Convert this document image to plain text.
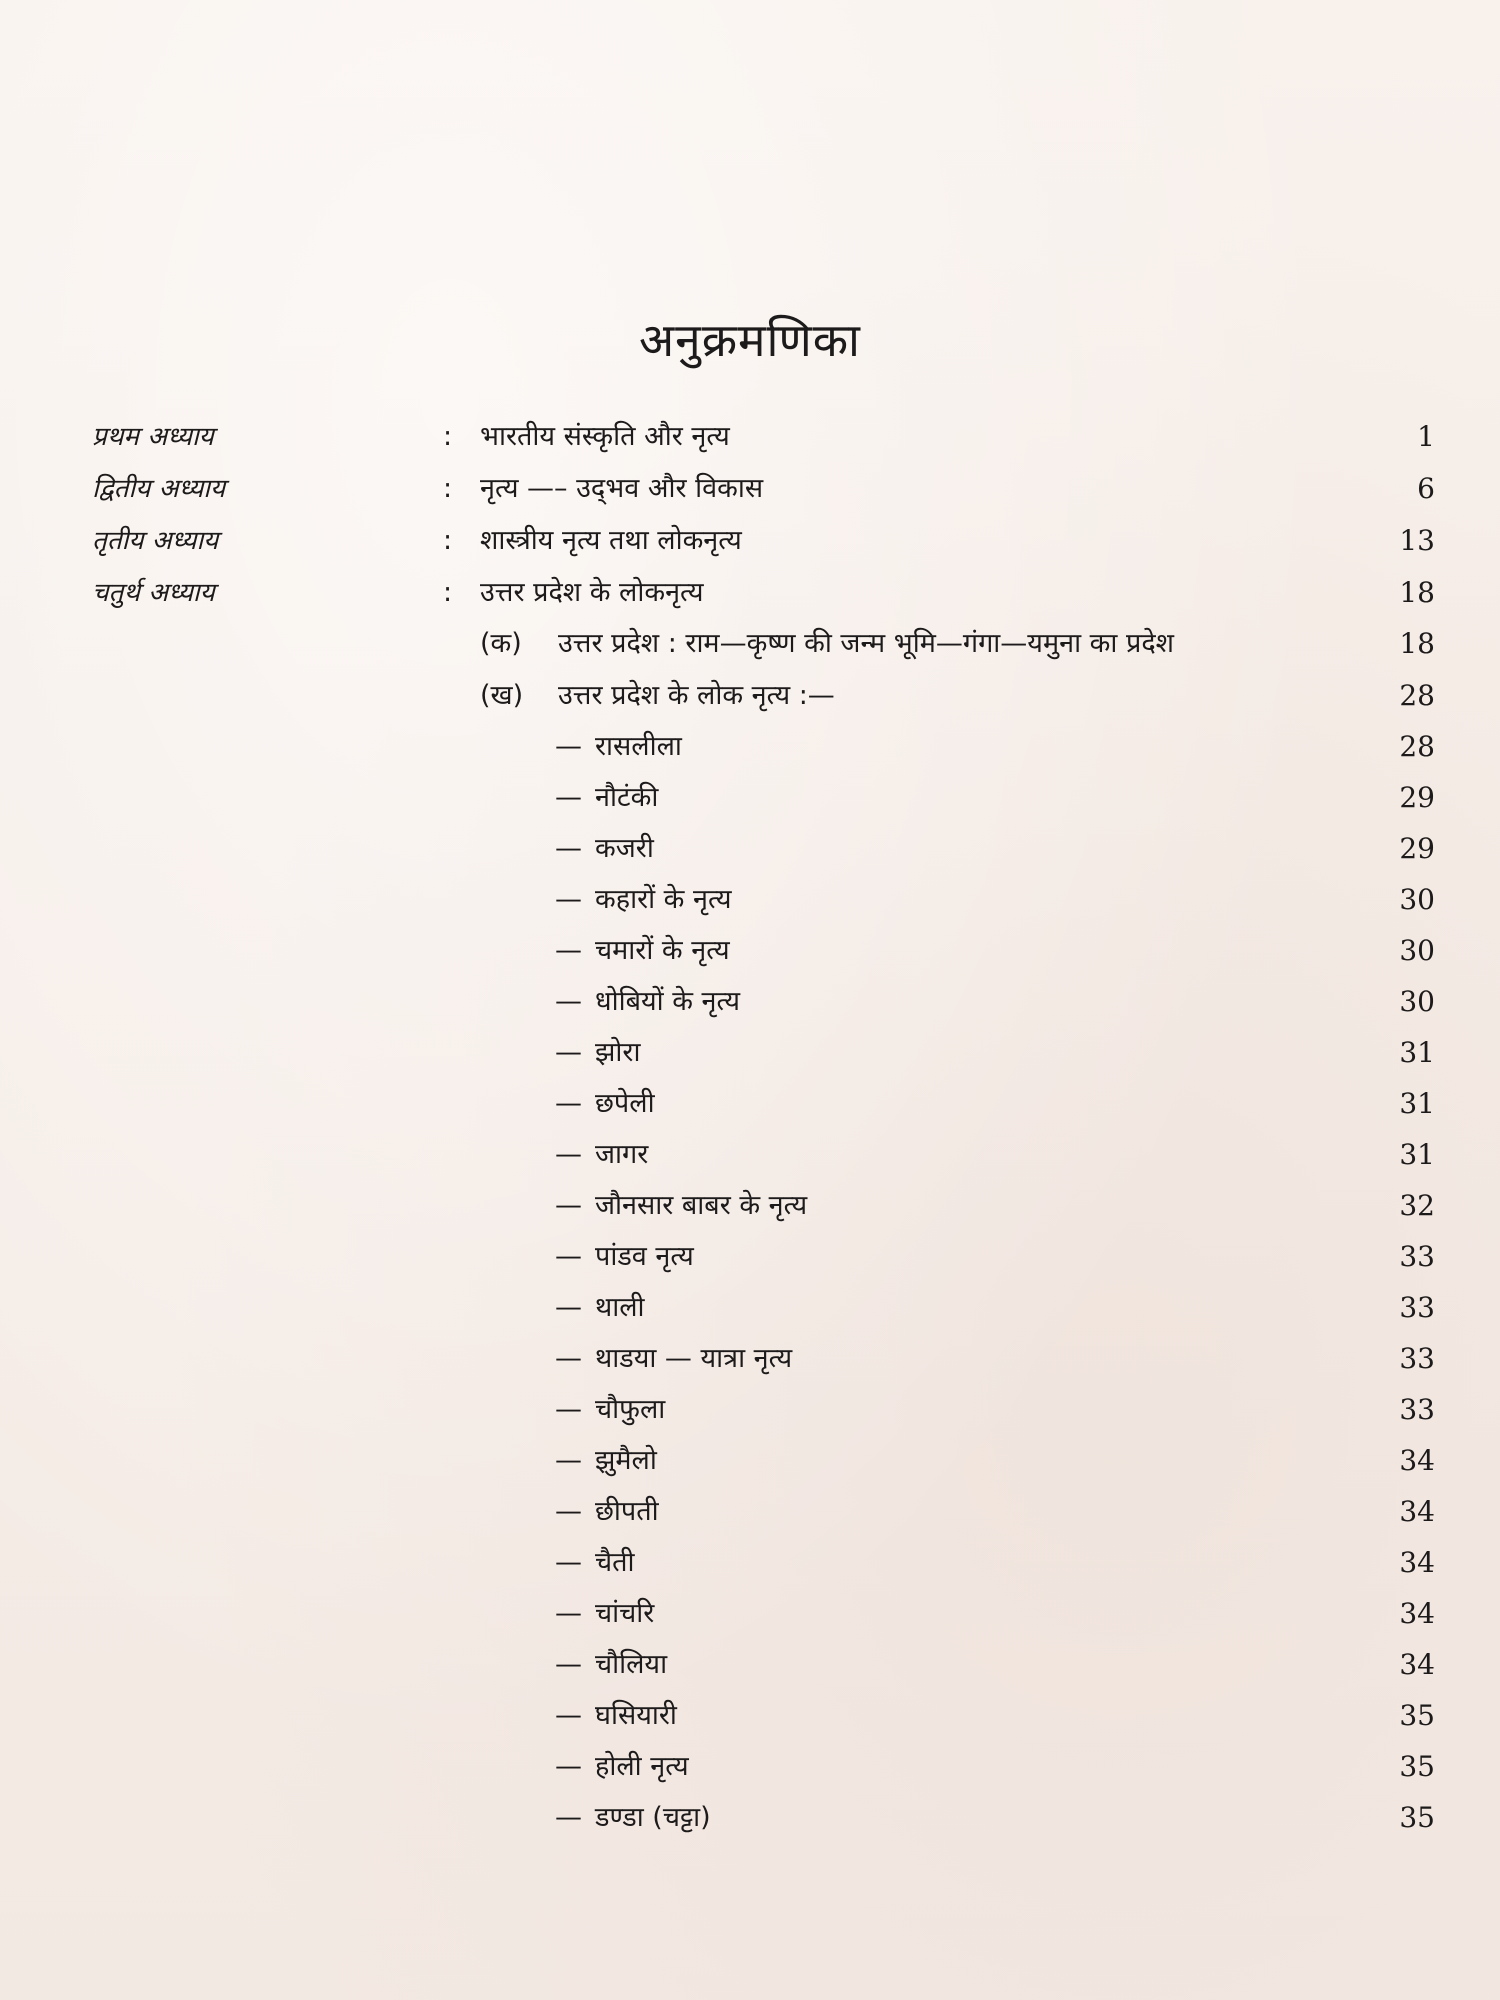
अनुक्रमणिका
प्रथम अध्याय	: भारतीय संस्कृति और नृत्य	1
द्वितीय अध्याय	: नृत्य —– उद्‌भव और विकास	6
तृतीय अध्याय	: शास्त्रीय नृत्य तथा लोकनृत्य	13
चतुर्थ अध्याय	: उत्तर प्रदेश के लोकनृत्य	18
(क) उत्तर प्रदेश : राम—कृष्ण की जन्म भूमि—गंगा—यमुना का प्रदेश	18
(ख) उत्तर प्रदेश के लोक नृत्य :—	28
— रासलीला	28
— नौटंकी	29
— कजरी	29
— कहारों के नृत्य	30
— चमारों के नृत्य	30
— धोबियों के नृत्य	30
— झोरा	31
— छपेली	31
— जागर	31
— जौनसार बाबर के नृत्य	32
— पांडव नृत्य	33
— थाली	33
— थाडया — यात्रा नृत्य	33
— चौफुला	33
— झुमैलो	34
— छीपती	34
— चैती	34
— चांचरि	34
— चौलिया	34
— घसियारी	35
— होली नृत्य	35
— डण्डा (चट्टा)	35
